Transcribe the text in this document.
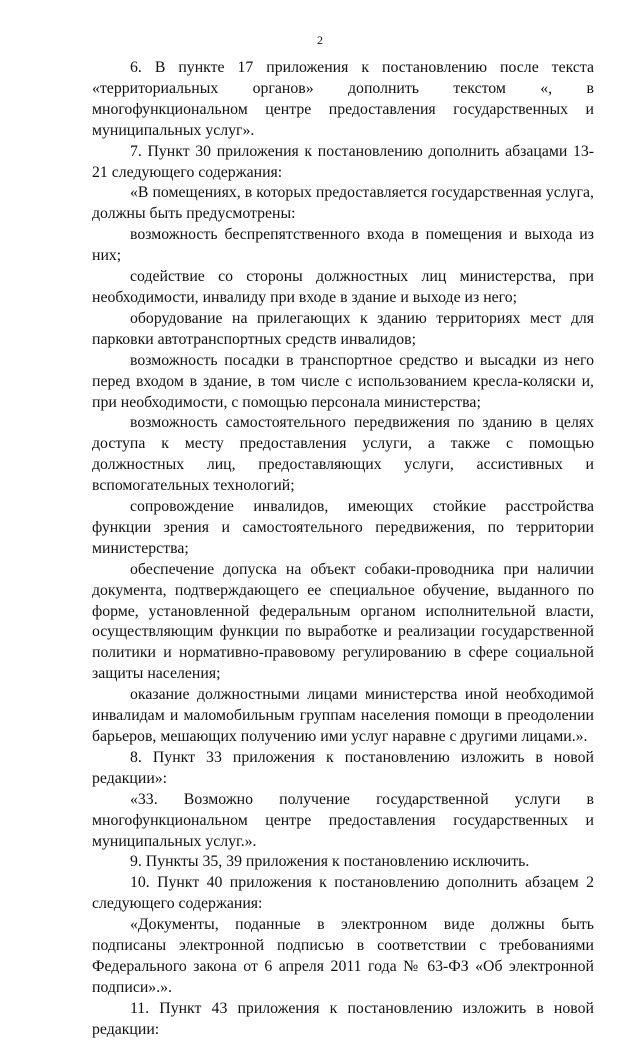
2

6. В пункте 17 приложения к постановлению после текста «территориальных органов» дополнить текстом «, в многофункциональном центре предоставления государственных и муниципальных услуг».

7. Пункт 30 приложения к постановлению дополнить абзацами 13-21 следующего содержания:

«В помещениях, в которых предоставляется государственная услуга, должны быть предусмотрены:

возможность беспрепятственного входа в помещения и выхода из них;

содействие со стороны должностных лиц министерства, при необходимости, инвалиду при входе в здание и выходе из него;

оборудование на прилегающих к зданию территориях мест для парковки автотранспортных средств инвалидов;

возможность посадки в транспортное средство и высадки из него перед входом в здание, в том числе с использованием кресла-коляски и, при необходимости, с помощью персонала министерства;

возможность самостоятельного передвижения по зданию в целях доступа к месту предоставления услуги, а также с помощью должностных лиц, предоставляющих услуги, ассистивных и вспомогательных технологий;

сопровождение инвалидов, имеющих стойкие расстройства функции зрения и самостоятельного передвижения, по территории министерства;

обеспечение допуска на объект собаки-проводника при наличии документа, подтверждающего ее специальное обучение, выданного по форме, установленной федеральным органом исполнительной власти, осуществляющим функции по выработке и реализации государственной политики и нормативно-правовому регулированию в сфере социальной защиты населения;

оказание должностными лицами министерства иной необходимой инвалидам и маломобильным группам населения помощи в преодолении барьеров, мешающих получению ими услуг наравне с другими лицами.».

8. Пункт 33 приложения к постановлению изложить в новой редакции»:

«33. Возможно получение государственной услуги в многофункциональном центре предоставления государственных и муниципальных услуг.».

9. Пункты 35, 39 приложения к постановлению исключить.

10. Пункт 40 приложения к постановлению дополнить абзацем 2 следующего содержания:

«Документы, поданные в электронном виде должны быть подписаны электронной подписью в соответствии с требованиями Федерального закона от 6 апреля 2011 года № 63-ФЗ «Об электронной подписи».».

11. Пункт 43 приложения к постановлению изложить в новой редакции:
